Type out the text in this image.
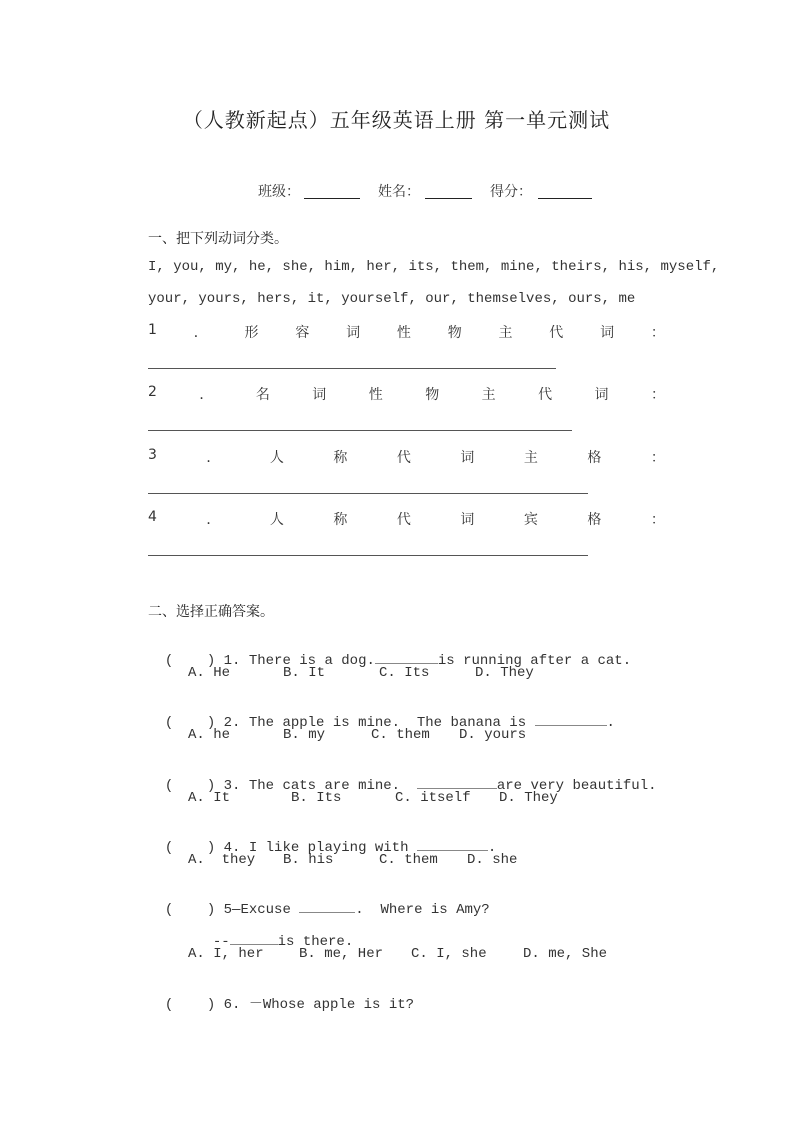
（人教新起点）五年级英语上册 第一单元测试
班级：	姓名：	得分：
一、把下列动词分类。
I, you, my, he, she, him, her, its, them, mine, theirs, his, myself,
your, yours, hers, it, yourself, our, themselves, ours, me
1	．	形	容	词	性	物	主	代	词	：
2	．	名	词	性	物	主	代	词	：
3	．	人	称	代	词	主	格	：
4	．	人	称	代	词	宾	格	：
二、选择正确答案。

(    ) 1. There is a dog.	is running after a cat.

A. He	B. It	C. Its	D. They

(    ) 2. The apple is mine.  The banana is	.

A. he	B. my	C. them D. yours

(    ) 3. The cats are mine.	are very beautiful.

A. It	B. Its	C. itself D. They

(    ) 4. I like playing with	.

A.  they B. his	C. them D. she

(    ) 5—Excuse	.  Where is Amy?

--	is there.

A. I, her	B. me, Her C. I, she	D. me, She

(    ) 6. －Whose apple is it?
